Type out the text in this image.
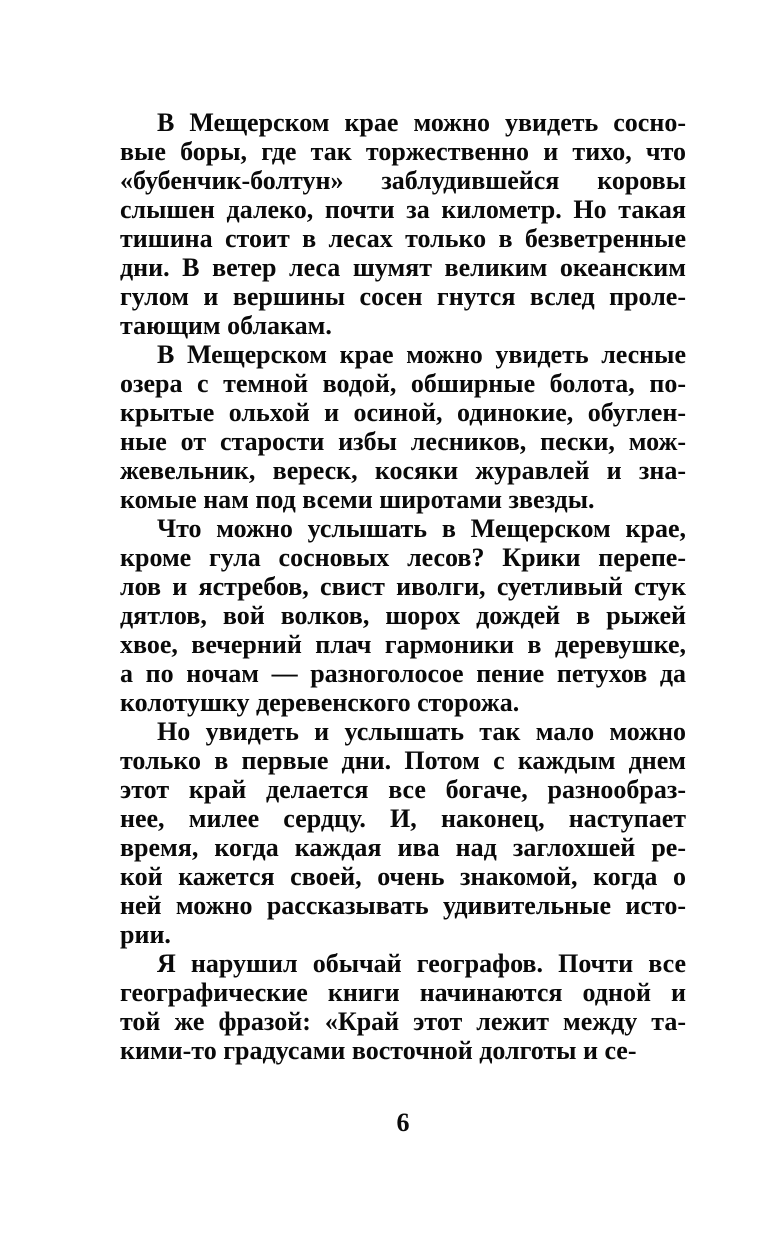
В Мещерском крае можно увидеть сосно-
вые боры, где так торжественно и тихо, что
«бубенчик-болтун» заблудившейся коровы
слышен далеко, почти за километр. Но такая
тишина стоит в лесах только в безветренные
дни. В ветер леса шумят великим океанским
гулом и вершины сосен гнутся вслед проле-
тающим облакам.
В Мещерском крае можно увидеть лесные
озера с темной водой, обширные болота, по-
крытые ольхой и осиной, одинокие, обуглен-
ные от старости избы лесников, пески, мож-
жевельник, вереск, косяки журавлей и зна-
комые нам под всеми широтами звезды.
Что можно услышать в Мещерском крае,
кроме гула сосновых лесов? Крики перепе-
лов и ястребов, свист иволги, суетливый стук
дятлов, вой волков, шорох дождей в рыжей
хвое, вечерний плач гармоники в деревушке,
а по ночам — разноголосое пение петухов да
колотушку деревенского сторожа.
Но увидеть и услышать так мало можно
только в первые дни. Потом с каждым днем
этот край делается все богаче, разнообраз-
нее, милее сердцу. И, наконец, наступает
время, когда каждая ива над заглохшей ре-
кой кажется своей, очень знакомой, когда о
ней можно рассказывать удивительные исто-
рии.
Я нарушил обычай географов. Почти все
географические книги начинаются одной и
той же фразой: «Край этот лежит между та-
кими-то градусами восточной долготы и се-
6
